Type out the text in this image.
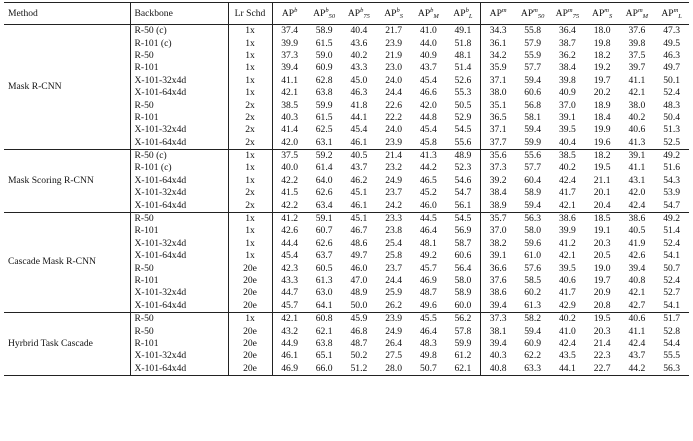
Method	Backbone	Lr Schd	$AP^b$	$AP^b_{50}$	$AP^b_{75}$	$AP^b_S$	$AP^b_M$	$AP^b_L$	$AP^m$	$AP^m_{50}$	$AP^m_{75}$	$AP^m_S$	$AP^m_M$	$AP^m_L$
Mask R-CNN	R-50 (c)	1x	37.4	58.9	40.4	21.7	41.0	49.1	34.3	55.8	36.4	18.0	37.6	47.3
	R-101 (c)	1x	39.9	61.5	43.6	23.9	44.0	51.8	36.1	57.9	38.7	19.8	39.8	49.5
	R-50	1x	37.3	59.0	40.2	21.9	40.9	48.1	34.2	55.9	36.2	18.2	37.5	46.3
	R-101	1x	39.4	60.9	43.3	23.0	43.7	51.4	35.9	57.7	38.4	19.2	39.7	49.7
	X-101-32x4d	1x	41.1	62.8	45.0	24.0	45.4	52.6	37.1	59.4	39.8	19.7	41.1	50.1
	X-101-64x4d	1x	42.1	63.8	46.3	24.4	46.6	55.3	38.0	60.6	40.9	20.2	42.1	52.4
	R-50	2x	38.5	59.9	41.8	22.6	42.0	50.5	35.1	56.8	37.0	18.9	38.0	48.3
	R-101	2x	40.3	61.5	44.1	22.2	44.8	52.9	36.5	58.1	39.1	18.4	40.2	50.4
	X-101-32x4d	2x	41.4	62.5	45.4	24.0	45.4	54.5	37.1	59.4	39.5	19.9	40.6	51.3
	X-101-64x4d	2x	42.0	63.1	46.1	23.9	45.8	55.6	37.7	59.9	40.4	19.6	41.3	52.5
Mask Scoring R-CNN	R-50 (c)	1x	37.5	59.2	40.5	21.4	41.3	48.9	35.6	55.6	38.5	18.2	39.1	49.2
	R-101 (c)	1x	40.0	61.4	43.7	23.2	44.2	52.3	37.3	57.7	40.2	19.5	41.1	51.6
	X-101-64x4d	1x	42.2	64.0	46.2	24.9	46.5	54.6	39.2	60.4	42.4	21.1	43.1	54.3
	X-101-32x4d	2x	41.5	62.6	45.1	23.7	45.2	54.7	38.4	58.9	41.7	20.1	42.0	53.9
	X-101-64x4d	2x	42.2	63.4	46.1	24.2	46.0	56.1	38.9	59.4	42.1	20.4	42.4	54.7
Cascade Mask R-CNN	R-50	1x	41.2	59.1	45.1	23.3	44.5	54.5	35.7	56.3	38.6	18.5	38.6	49.2
	R-101	1x	42.6	60.7	46.7	23.8	46.4	56.9	37.0	58.0	39.9	19.1	40.5	51.4
	X-101-32x4d	1x	44.4	62.6	48.6	25.4	48.1	58.7	38.2	59.6	41.2	20.3	41.9	52.4
	X-101-64x4d	1x	45.4	63.7	49.7	25.8	49.2	60.6	39.1	61.0	42.1	20.5	42.6	54.1
	R-50	20e	42.3	60.5	46.0	23.7	45.7	56.4	36.6	57.6	39.5	19.0	39.4	50.7
	R-101	20e	43.3	61.3	47.0	24.4	46.9	58.0	37.6	58.5	40.6	19.7	40.8	52.4
	X-101-32x4d	20e	44.7	63.0	48.9	25.9	48.7	58.9	38.6	60.2	41.7	20.9	42.1	52.7
	X-101-64x4d	20e	45.7	64.1	50.0	26.2	49.6	60.0	39.4	61.3	42.9	20.8	42.7	54.1
Hyrbrid Task Cascade	R-50	1x	42.1	60.8	45.9	23.9	45.5	56.2	37.3	58.2	40.2	19.5	40.6	51.7
	R-50	20e	43.2	62.1	46.8	24.9	46.4	57.8	38.1	59.4	41.0	20.3	41.1	52.8
	R-101	20e	44.9	63.8	48.7	26.4	48.3	59.9	39.4	60.9	42.4	21.4	42.4	54.4
	X-101-32x4d	20e	46.1	65.1	50.2	27.5	49.8	61.2	40.3	62.2	43.5	22.3	43.7	55.5
	X-101-64x4d	20e	46.9	66.0	51.2	28.0	50.7	62.1	40.8	63.3	44.1	22.7	44.2	56.3
